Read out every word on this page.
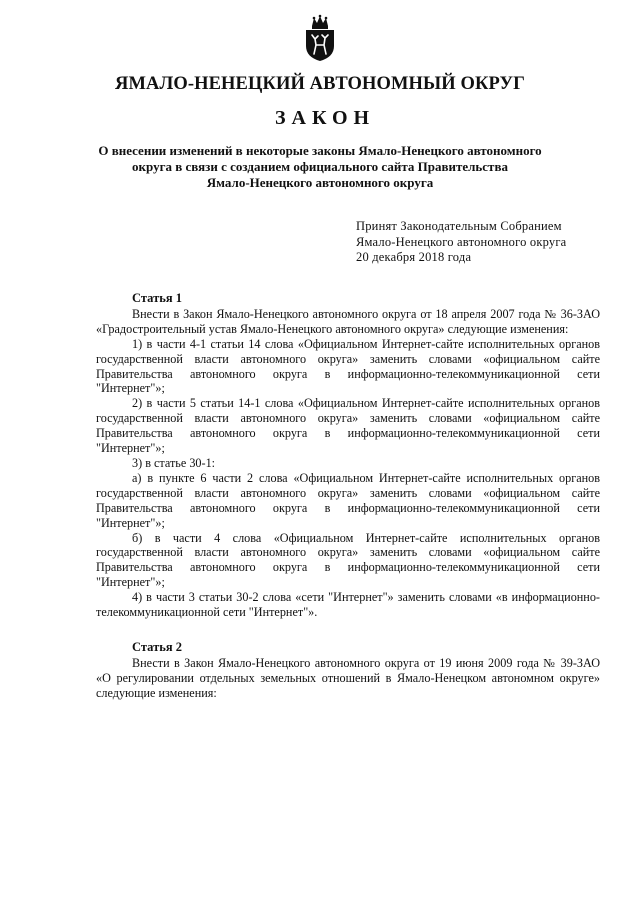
ЯМАЛО-НЕНЕЦКИЙ АВТОНОМНЫЙ ОКРУГ
ЗАКОН
О внесении изменений в некоторые законы Ямало-Ненецкого автономного
округа в связи с созданием официального сайта Правительства
Ямало-Ненецкого автономного округа
Принят Законодательным Собранием
Ямало-Ненецкого автономного округа
20 декабря 2018 года
Статья 1

Внести в Закон Ямало-Ненецкого автономного округа от 18 апреля 2007 года № 36-ЗАО «Градостроительный устав Ямало-Ненецкого автономного округа» следующие изменения:

1) в части 4-1 статьи 14 слова «Официальном Интернет-сайте исполнительных органов государственной власти автономного округа» заменить словами «официальном сайте Правительства автономного округа в информационно-телекоммуникационной сети "Интернет"»;

2) в части 5 статьи 14-1 слова «Официальном Интернет-сайте исполнительных органов государственной власти автономного округа» заменить словами «официальном сайте Правительства автономного округа в информационно-телекоммуникационной сети "Интернет"»;

3) в статье 30-1:

а) в пункте 6 части 2 слова «Официальном Интернет-сайте исполнительных органов государственной власти автономного округа» заменить словами «официальном сайте Правительства автономного округа в информационно-телекоммуникационной сети "Интернет"»;

б) в части 4 слова «Официальном Интернет-сайте исполнительных органов государственной власти автономного округа» заменить словами «официальном сайте Правительства автономного округа в информационно-телекоммуникационной сети "Интернет"»;

4) в части 3 статьи 30-2 слова «сети "Интернет"» заменить словами «в информационно-телекоммуникационной сети "Интернет"».

Статья 2

Внести в Закон Ямало-Ненецкого автономного округа от 19 июня 2009 года № 39-ЗАО «О регулировании отдельных земельных отношений в Ямало-Ненецком автономном округе» следующие изменения:
